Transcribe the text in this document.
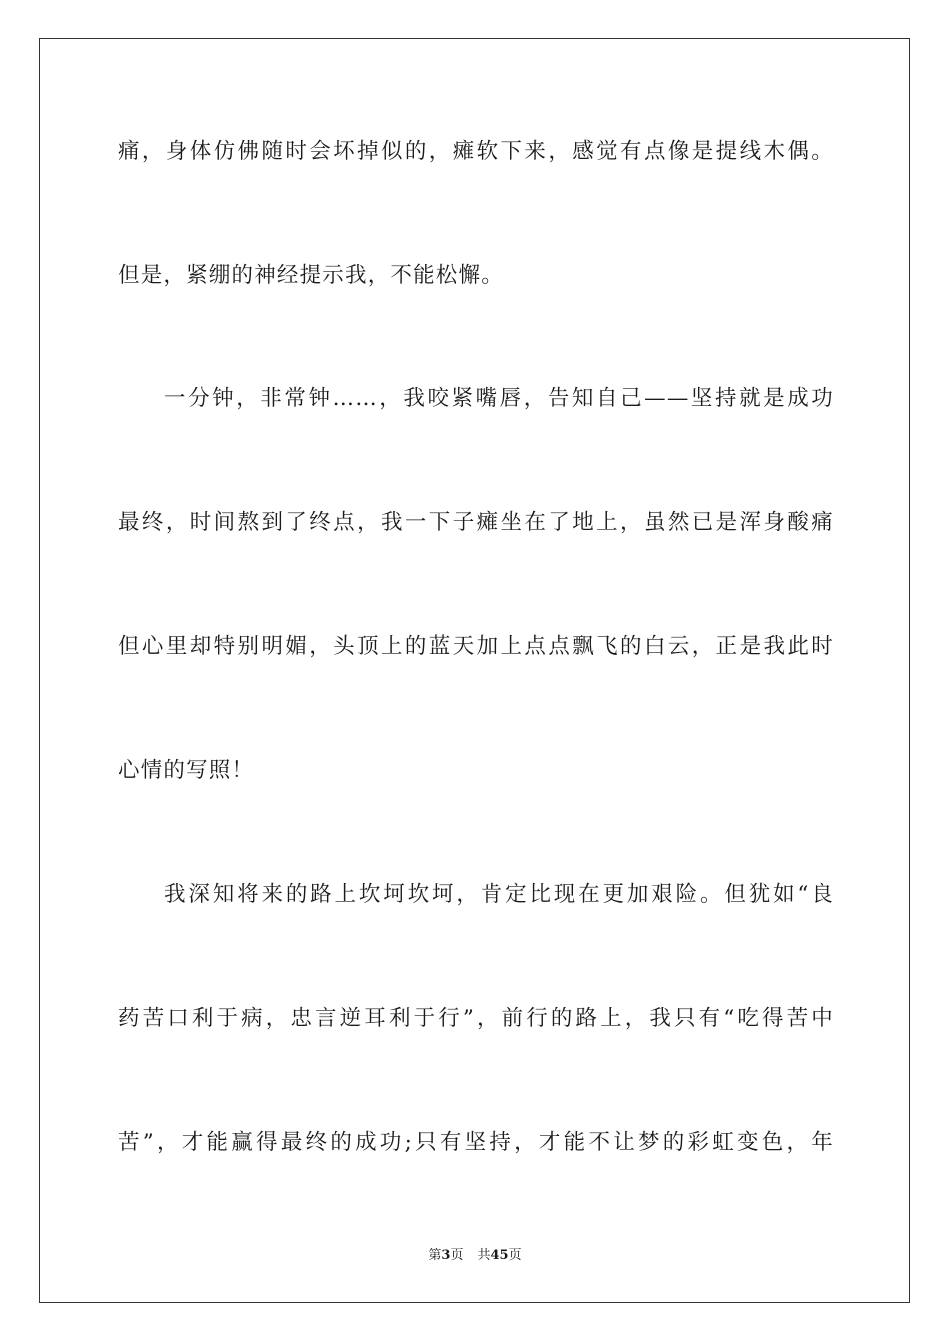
痛，身体仿佛随时会坏掉似的，瘫软下来，感觉有点像是提线木偶。
但是，紧绷的神经提示我，不能松懈。
一分钟，非常钟……，我咬紧嘴唇，告知自己——坚持就是成功
最终，时间熬到了终点，我一下子瘫坐在了地上，虽然已是浑身酸痛
但心里却特别明媚，头顶上的蓝天加上点点飘飞的白云，正是我此时
心情的写照！
我深知将来的路上坎坷坎坷，肯定比现在更加艰险。但犹如“良
药苦口利于病，忠言逆耳利于行”，前行的路上，我只有“吃得苦中
苦”，才能赢得最终的成功;只有坚持，才能不让梦的彩虹变色，年
第3页 共45页
